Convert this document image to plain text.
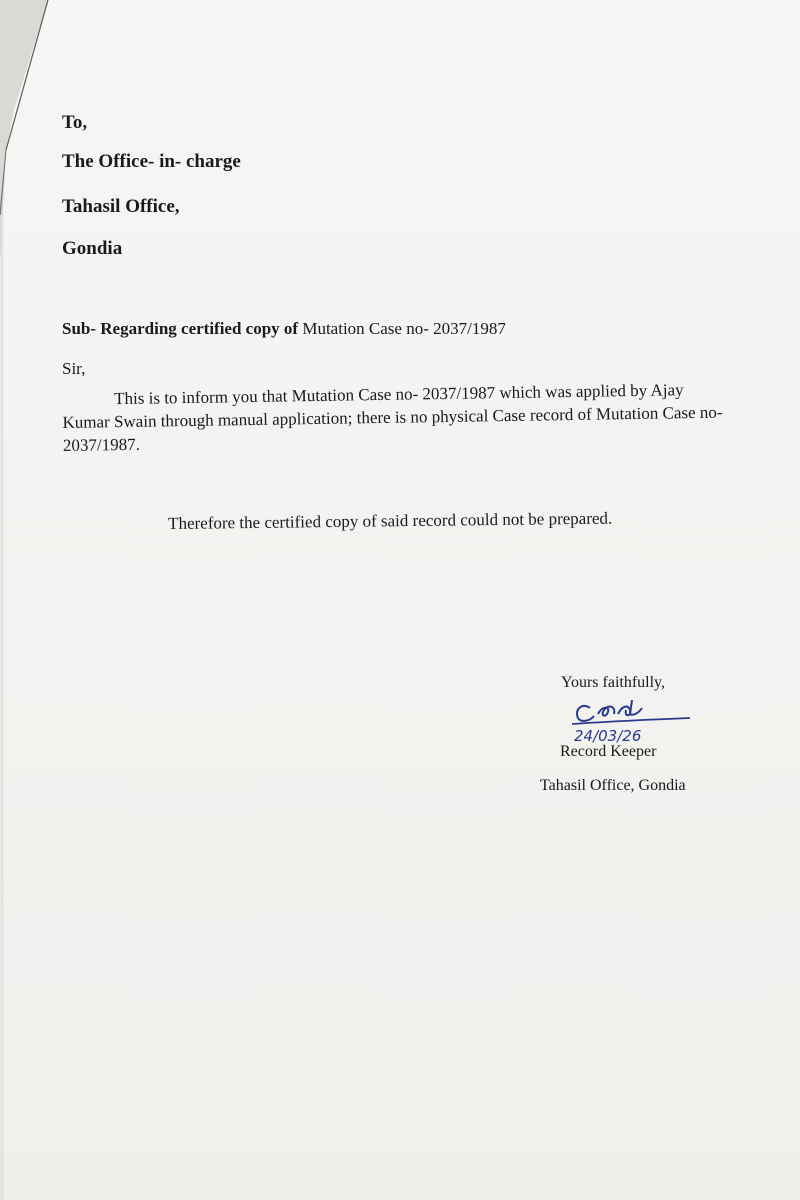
To,
The Office- in- charge
Tahasil Office,
Gondia
Sub- Regarding certified copy of Mutation Case no- 2037/1987
Sir,
This is to inform you that Mutation Case no- 2037/1987 which was applied by Ajay
Kumar Swain through manual application; there is no physical Case record of Mutation Case no-
2037/1987.
Therefore the certified copy of said record could not be prepared.
Yours faithfully,
24/03/26
Record Keeper
Tahasil Office, Gondia
